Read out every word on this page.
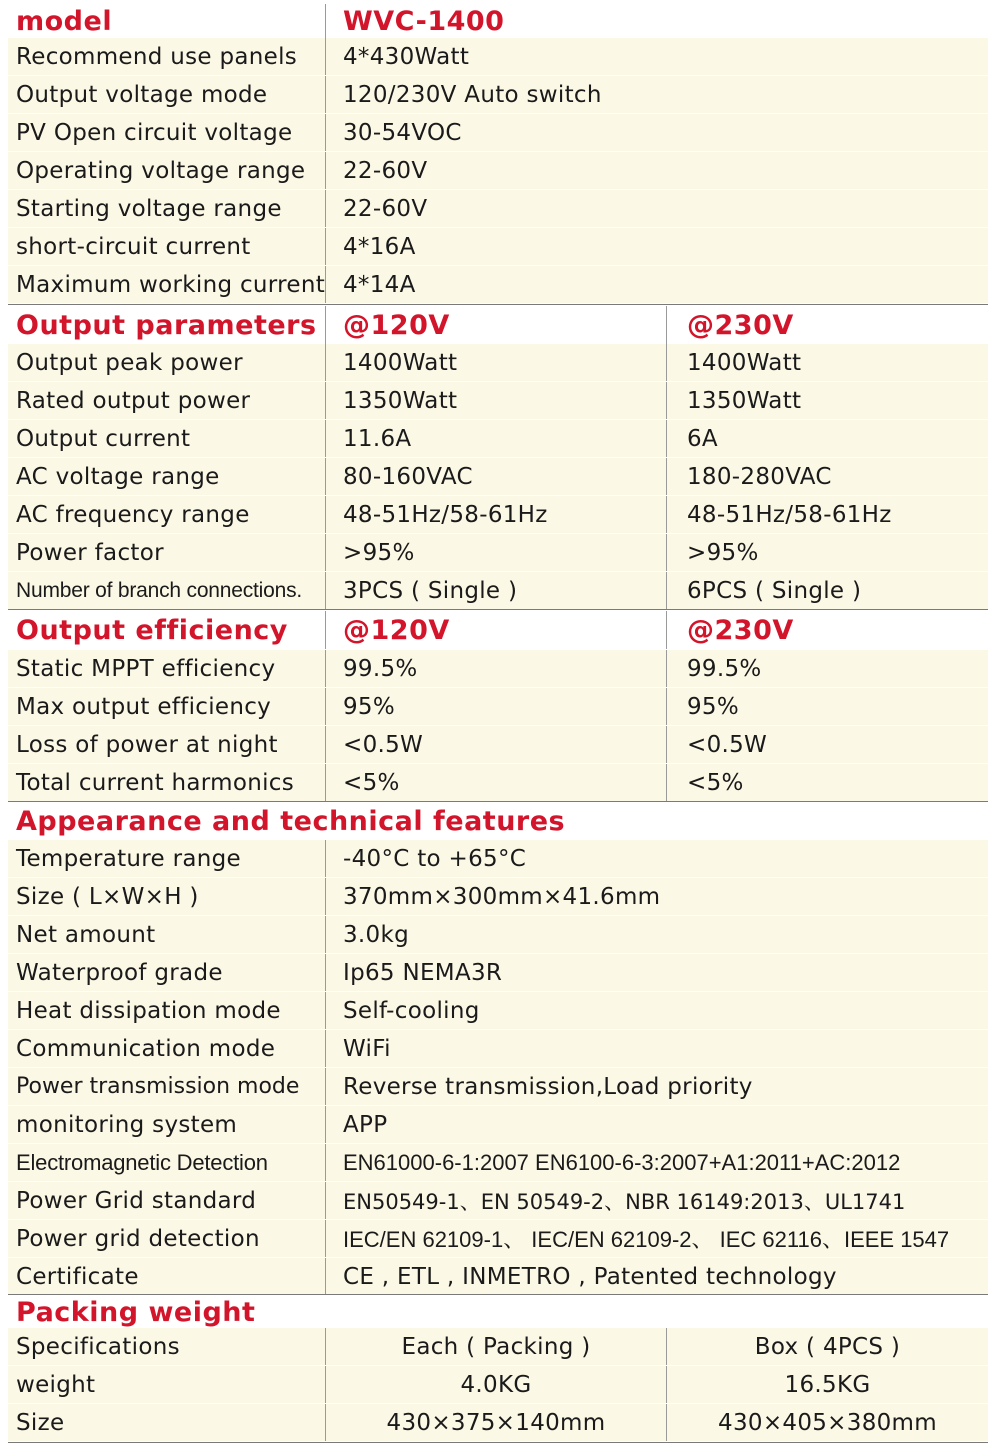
model	WVC-1400
Recommend use panels	4*430Watt
Output voltage mode	120/230V Auto switch
PV Open circuit voltage	30-54VOC
Operating voltage range	22-60V
Starting voltage range	22-60V
short-circuit current	4*16A
Maximum working current 4*14A
Output parameters @120V	@230V
Output peak power	1400Watt	1400Watt
Rated output power	1350Watt	1350Watt
Output current	11.6A	6A
AC voltage range	80-160VAC	180-280VAC
AC frequency range	48-51Hz/58-61Hz	48-51Hz/58-61Hz
Power factor	>95%	>95%
Number of branch connections.	3PCS ( Single )	6PCS ( Single )
Output efficiency	@120V	@230V
Static MPPT efficiency	99.5%	99.5%
Max output efficiency	95%	95%
Loss of power at night	<0.5W	<0.5W
Total current harmonics	<5%	<5%
Appearance and technical features
Temperature range	-40°C to +65°C
Size ( L×W×H )	370mm×300mm×41.6mm
Net amount	3.0kg
Waterproof grade	Ip65 NEMA3R
Heat dissipation mode	Self-cooling
Communication mode	WiFi
Power transmission mode	Reverse transmission,Load priority
monitoring system	APP
Electromagnetic Detection	EN61000-6-1:2007 EN6100-6-3:2007+A1:2011+AC:2012
Power Grid standard	EN50549-1、EN 50549-2、NBR 16149:2013、UL1741
Power grid detection	IEC/EN 62109-1、 IEC/EN 62109-2、 IEC 62116、IEEE 1547
Certificate	CE , ETL , INMETRO , Patented technology
Packing weight
Specifications	Each ( Packing )	Box ( 4PCS )
weight	4.0KG	16.5KG
Size	430×375×140mm	430×405×380mm
